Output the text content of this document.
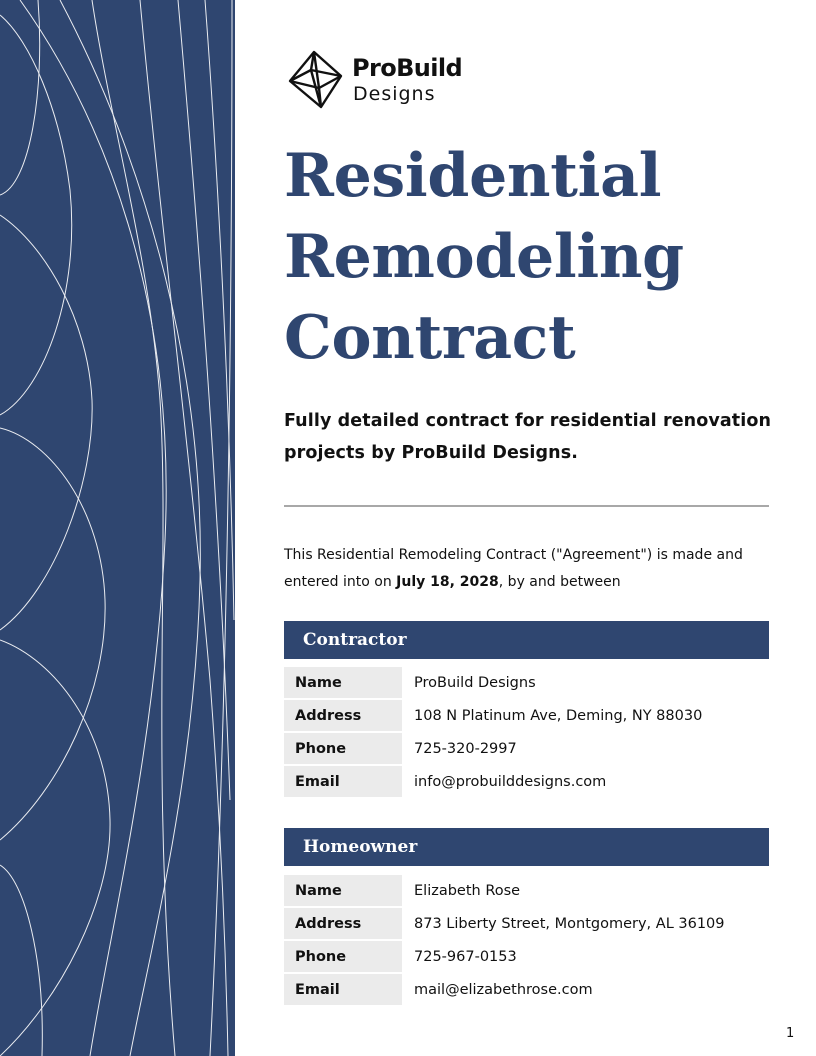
ProBuild
Designs
Residential
Remodeling
Contract

Fully detailed contract for residential renovation projects by ProBuild Designs.

This Residential Remodeling Contract ("Agreement") is made and entered into on July 18, 2028, by and between

Contractor
Name	ProBuild Designs
Address	108 N Platinum Ave, Deming, NY 88030
Phone	725-320-2997
Email	info@probuilddesigns.com
Homeowner
Name	Elizabeth Rose
Address	873 Liberty Street, Montgomery, AL 36109
Phone	725-967-0153
Email	mail@elizabethrose.com
1
